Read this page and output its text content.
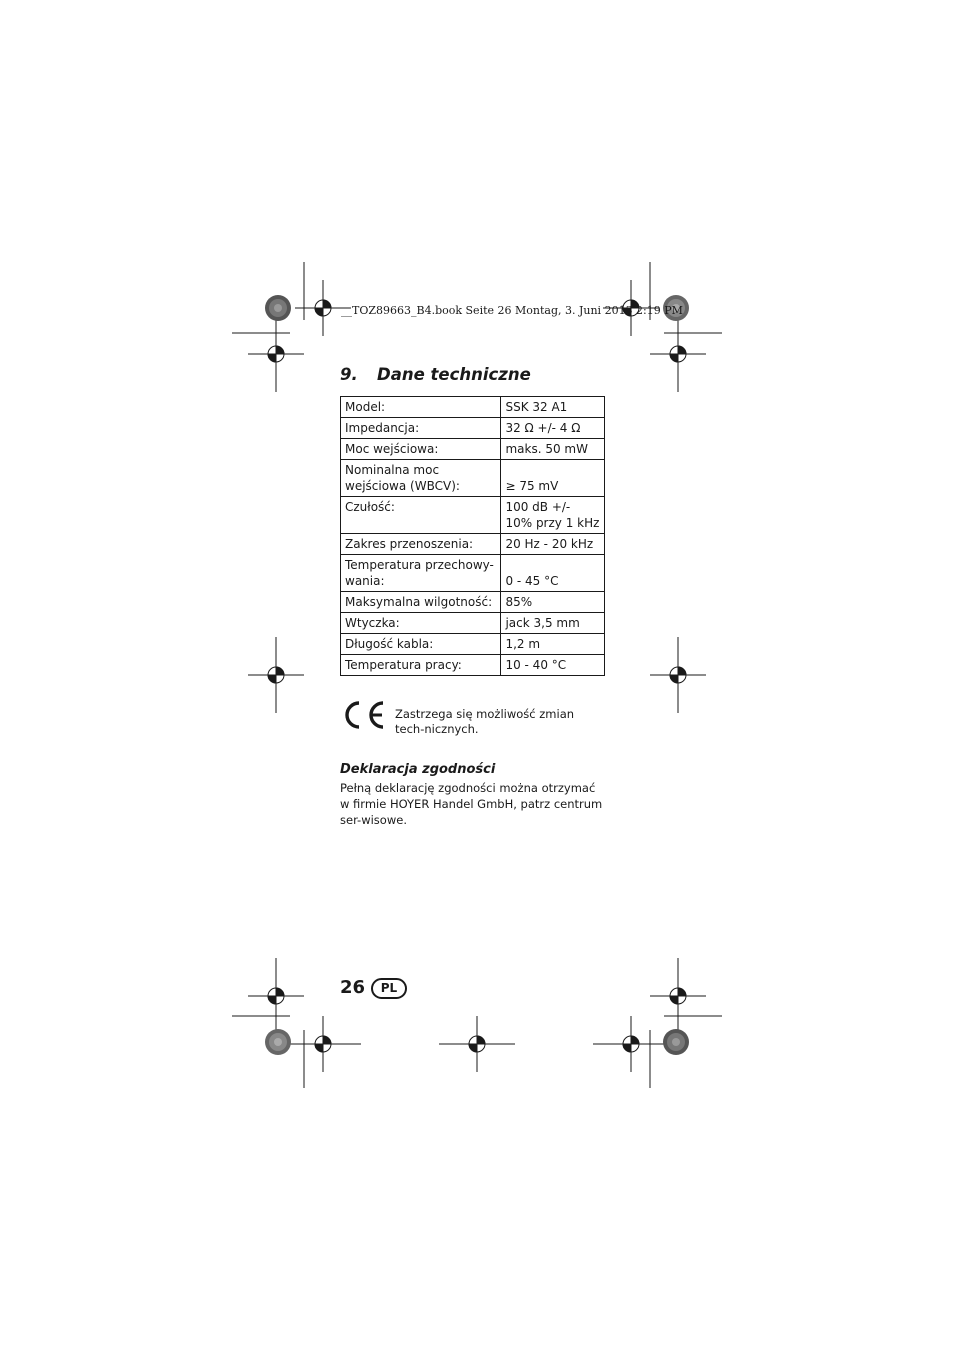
__TOZ89663_B4.book Seite 26 Montag, 3. Juni 2013 2:19 PM
9. Dane techniczne
Model:	SSK 32 A1
Impedancja:	32 Ω +/- 4 Ω
Moc wejściowa:	maks. 50 mW
Nominalna moc wejściowa (WBCV):	≥ 75 mV
Czułość:	100 dB +/- 10% przy 1 kHz
Zakres przenoszenia:	20 Hz - 20 kHz
Temperatura przechowy-wania:	0 - 45 °C
Maksymalna wilgotność:	85%
Wtyczka:	jack 3,5 mm
Długość kabla:	1,2 m
Temperatura pracy:	10 - 40 °C
Zastrzega się możliwość zmian tech-nicznych.
Deklaracja zgodności
Pełną deklarację zgodności można otrzymać w firmie HOYER Handel GmbH, patrz centrum ser-wisowe.
26	PL
